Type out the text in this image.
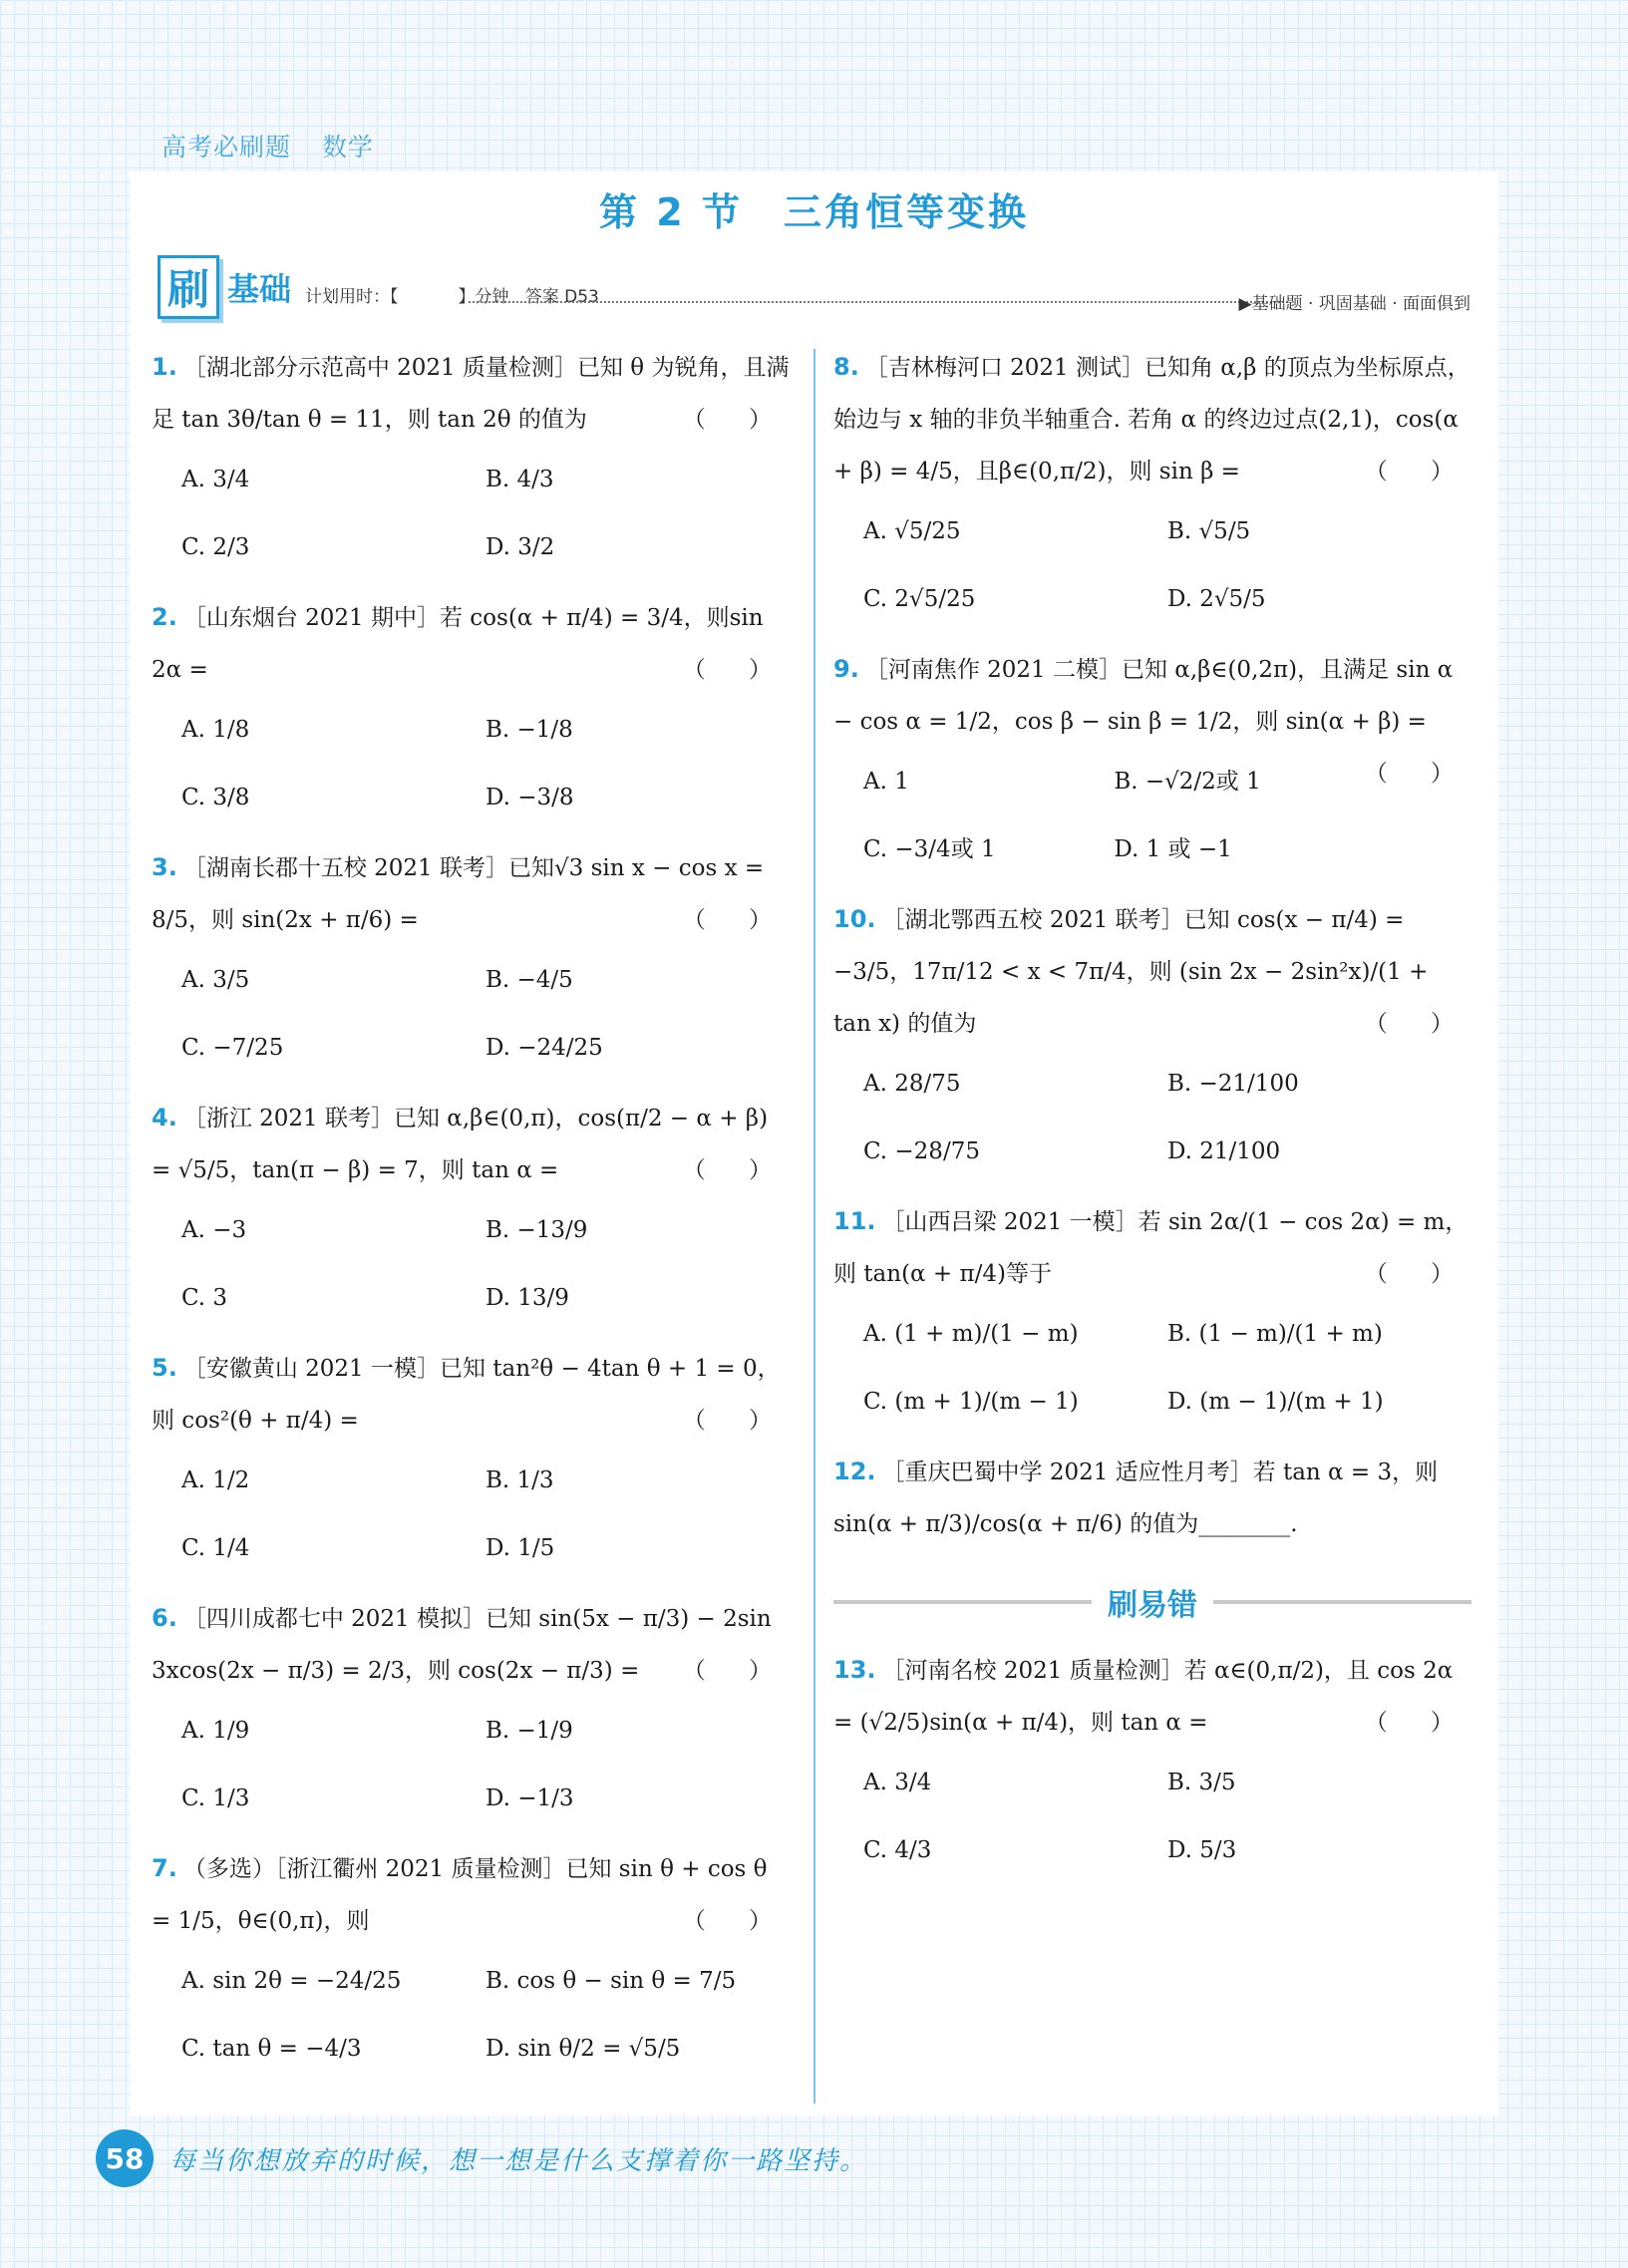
高考必刷题 数学
第 2 节　三角恒等变换
刷 基础 计划用时：【	】分钟 答案 D53	▶基础题 · 巩固基础 · 面面俱到
1. ［湖北部分示范高中 2021 质量检测］已知 θ 为锐角，且满足 tan 3θ/tan θ = 11，则 tan 2θ 的值为	（ ）
A. 3/4	B. 4/3
C. 2/3	D. 3/2
2. ［山东烟台 2021 期中］若 cos(α + π/4) = 3/4，则sin 2α =	（ ）
A. 1/8	B. −1/8
C. 3/8	D. −3/8
3. ［湖南长郡十五校 2021 联考］已知√3 sin x − cos x = 8/5，则 sin(2x + π/6) =	（ ）
A. 3/5	B. −4/5
C. −7/25	D. −24/25
4. ［浙江 2021 联考］已知 α,β∈(0,π)，cos(π/2 − α + β) = √5/5，tan(π − β) = 7，则 tan α =	（ ）
A. −3	B. −13/9
C. 3	D. 13/9
5. ［安徽黄山 2021 一模］已知 tan²θ − 4tan θ + 1 = 0，则 cos²(θ + π/4) =	（ ）
A. 1/2	B. 1/3
C. 1/4	D. 1/5
6. ［四川成都七中 2021 模拟］已知 sin(5x − π/3) − 2sin 3xcos(2x − π/3) = 2/3，则 cos(2x − π/3) = （ ）
A. 1/9	B. −1/9
C. 1/3	D. −1/3
7. （多选）［浙江衢州 2021 质量检测］已知 sin θ + cos θ = 1/5，θ∈(0,π)，则	（ ）
A. sin 2θ = −24/25	B. cos θ − sin θ = 7/5
C. tan θ = −4/3	D. sin θ/2 = √5/5
8. ［吉林梅河口 2021 测试］已知角 α,β 的顶点为坐标原点，始边与 x 轴的非负半轴重合. 若角 α 的终边过点(2,1)，cos(α + β) = 4/5，且β∈(0,π/2)，则 sin β =	（ ）
A. √5/25	B. √5/5
C. 2√5/25	D. 2√5/5
9. ［河南焦作 2021 二模］已知 α,β∈(0,2π)，且满足 sin α − cos α = 1/2，cos β − sin β = 1/2，则 sin(α + β) =
（ ）
A. 1	B. −√2/2或 1
C. −3/4或 1	D. 1 或 −1
10. ［湖北鄂西五校 2021 联考］已知 cos(x − π/4) = −3/5，17π/12 < x < 7π/4，则 (sin 2x − 2sin²x)/(1 + tan x) 的值为	（ ）
A. 28/75	B. −21/100
C. −28/75	D. 21/100
11. ［山西吕梁 2021 一模］若 sin 2α/(1 − cos 2α) = m，则 tan(α + π/4)等于	（ ）
A. (1 + m)/(1 − m)	B. (1 − m)/(1 + m)
C. (m + 1)/(m − 1)	D. (m − 1)/(m + 1)
12. ［重庆巴蜀中学 2021 适应性月考］若 tan α = 3，则 sin(α + π/3)/cos(α + π/6) 的值为________.
刷易错
13. ［河南名校 2021 质量检测］若 α∈(0,π/2)，且 cos 2α = (√2/5)sin(α + π/4)，则 tan α =	（ ）
A. 3/4	B. 3/5
C. 4/3	D. 5/3
58 每当你想放弃的时候，想一想是什么支撑着你一路坚持。
